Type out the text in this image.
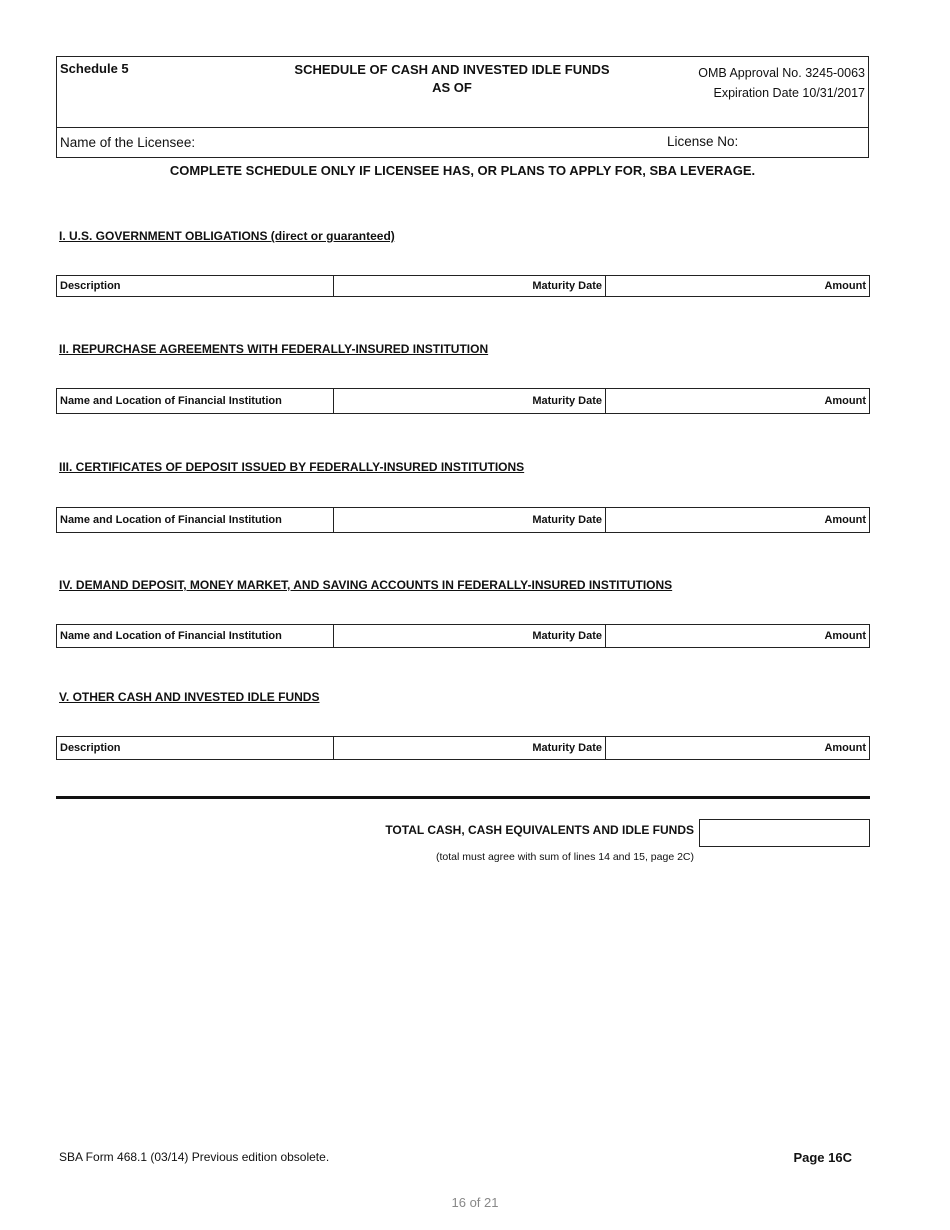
Schedule 5	SCHEDULE OF CASH AND INVESTED IDLE FUNDS
AS OF
OMB Approval No. 3245-0063
Expiration Date 10/31/2017
Name of the Licensee:	License No:
COMPLETE SCHEDULE ONLY IF LICENSEE HAS, OR PLANS TO APPLY FOR, SBA LEVERAGE.
I. U.S. GOVERNMENT OBLIGATIONS (direct or guaranteed)
Description	Maturity Date	Amount
II. REPURCHASE AGREEMENTS WITH FEDERALLY-INSURED INSTITUTION
Name and Location of Financial Institution	Maturity Date	Amount
III. CERTIFICATES OF DEPOSIT ISSUED BY FEDERALLY-INSURED INSTITUTIONS
Name and Location of Financial Institution	Maturity Date	Amount
IV. DEMAND DEPOSIT, MONEY MARKET, AND SAVING ACCOUNTS IN FEDERALLY-INSURED INSTITUTIONS
Name and Location of Financial Institution	Maturity Date	Amount
V. OTHER CASH AND INVESTED IDLE FUNDS
Description	Maturity Date	Amount
TOTAL CASH, CASH EQUIVALENTS AND IDLE FUNDS
(total must agree with sum of lines 14 and 15, page 2C)
SBA Form 468.1 (03/14) Previous edition obsolete.	Page 16C
16 of 21
